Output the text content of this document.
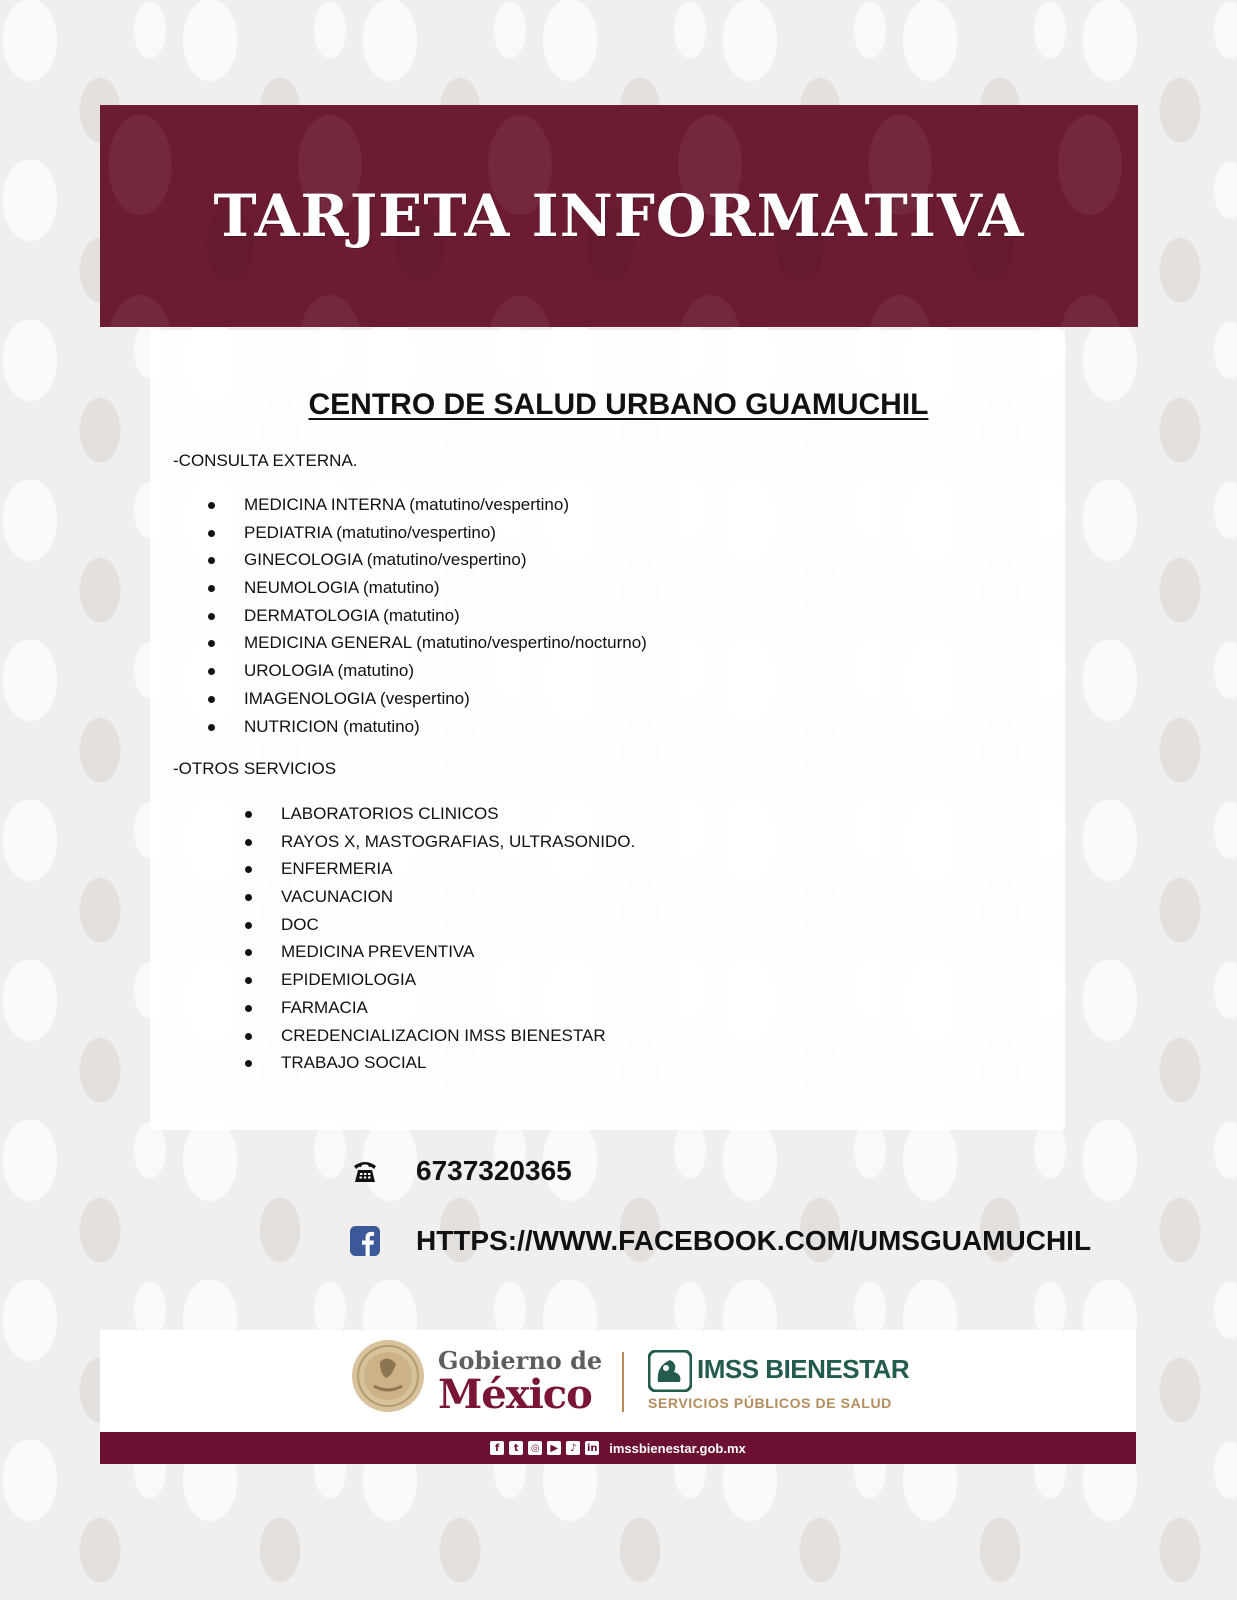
TARJETA INFORMATIVA
CENTRO DE SALUD URBANO GUAMUCHIL

-CONSULTA EXTERNA.

MEDICINA INTERNA (matutino/vespertino)
PEDIATRIA (matutino/vespertino)
GINECOLOGIA (matutino/vespertino)
NEUMOLOGIA (matutino)
DERMATOLOGIA (matutino)
MEDICINA GENERAL (matutino/vespertino/nocturno)
UROLOGIA (matutino)
IMAGENOLOGIA (vespertino)
NUTRICION (matutino)

-OTROS SERVICIOS

LABORATORIOS CLINICOS
RAYOS X, MASTOGRAFIAS, ULTRASONIDO.
ENFERMERIA
VACUNACION
DOC
MEDICINA PREVENTIVA
EPIDEMIOLOGIA
FARMACIA
CREDENCIALIZACION IMSS BIENESTAR
TRABAJO SOCIAL
6737320365
HTTPS://WWW.FACEBOOK.COM/UMSGUAMUCHIL

Gobierno de

México

IMSS BIENESTAR

SERVICIOS PÚBLICOS DE SALUD

f	t	◎	▶	♪	in imssbienestar.gob.mx
